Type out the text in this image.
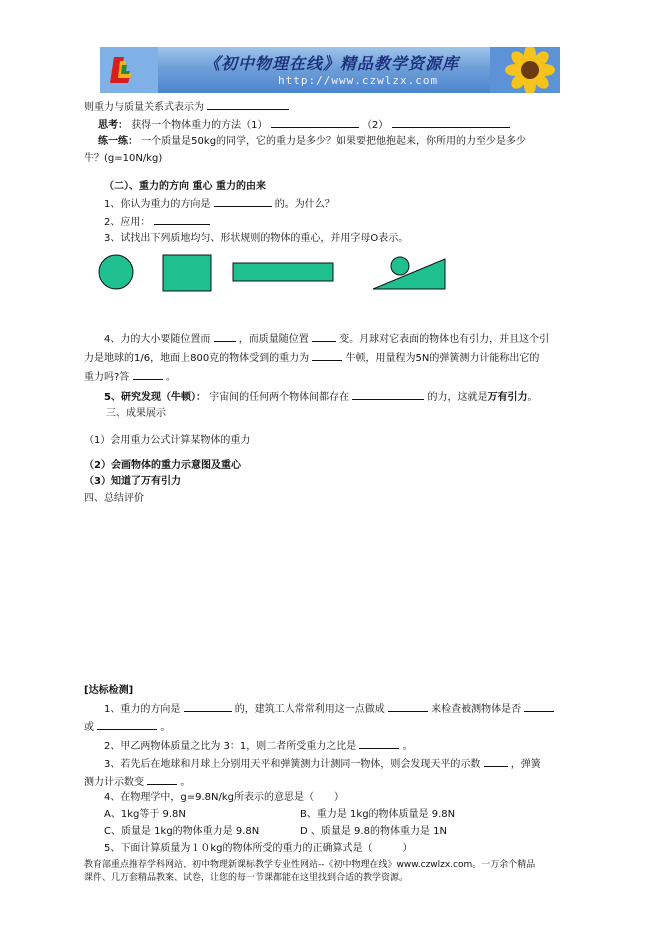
《初中物理在线》精品教学资源库
http://www.czwlzx.com
则重力与质量关系式表示为
思考： 获得一个物体重力的方法（1）	（2）
练一练： 一个质量是50kg的同学，它的重力是多少？如果要把他抱起来，你所用的力至少是多少
牛？(g=10N/kg)
（二）、重力的方向 重心 重力的由来
1、你认为重力的方向是	的。为什么？
2、应用：
3、试找出下列质地均匀、形状规则的物体的重心，并用字母O表示。
4、力的大小要随位置而	，而质量随位置	变。月球对它表面的物体也有引力，并且这个引
力是地球的1/6，地面上800克的物体受到的重力为	牛顿，用量程为5N的弹簧测力计能称出它的
重力吗?答	。
5、研究发现（牛顿）： 宇宙间的任何两个物体间都存在	的力，这就是万有引力。
三、成果展示
（1）会用重力公式计算某物体的重力
（2）会画物体的重力示意图及重心
（3）知道了万有引力
四、总结评价
[达标检测]
1、重力的方向是	的，建筑工人常常利用这一点做成	来检查被测物体是否
或	。
2、甲乙两物体质量之比为 3：1，则二者所受重力之比是	。
3、若先后在地球和月球上分别用天平和弹簧测力计测同一物体，则会发现天平的示数	，弹簧
测力计示数变	。
4、在物理学中，g=9.8N/kg所表示的意思是（　　）
A、1kg等于 9.8N	B、重力是 1kg的物体质量是 9.8N
C、质量是 1kg的物体重力是 9.8N	D 、质量是 9.8的物体重力是 1N
5、下面计算质量为１０kg的物体所受的重力的正确算式是（　　　）
教育部重点推荐学科网站、初中物理新课标教学专业性网站--《初中物理在线》www.czwlzx.com。一万余个精品
课件、几万套精品教案、试卷，让您的每一节课都能在这里找到合适的教学资源。
